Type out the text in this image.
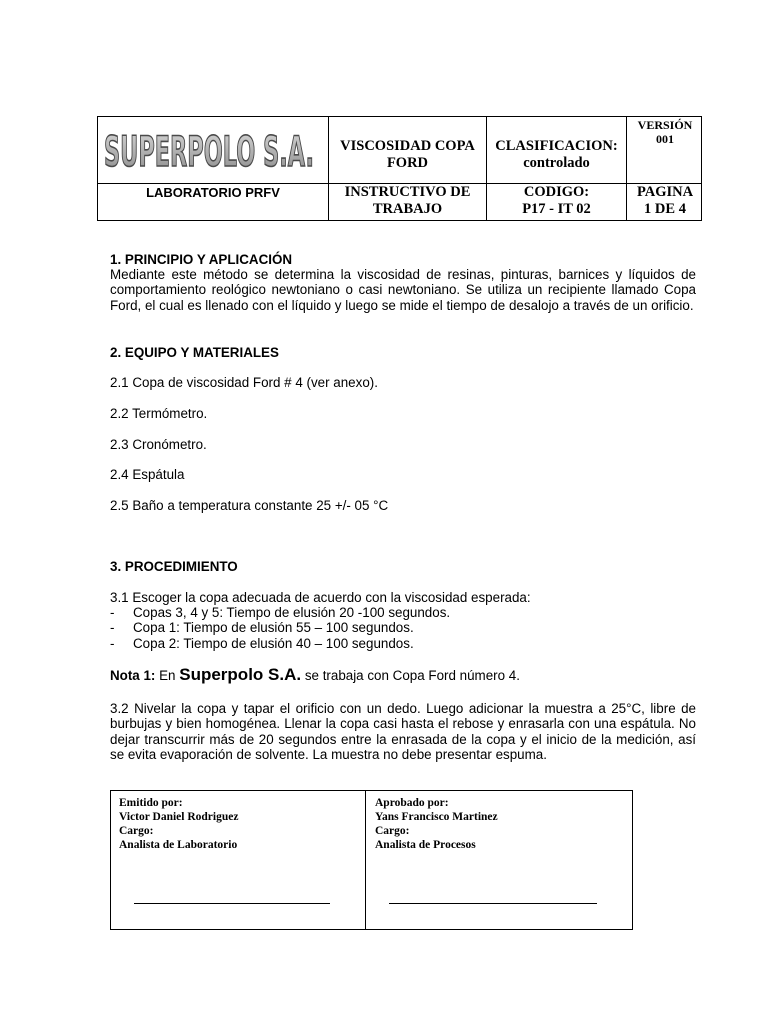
SUPERPOLO S.A.	VISCOSIDAD COPA
FORD
CLASIFICACION:
controlado
VERSIÓN
001
LABORATORIO PRFV	INSTRUCTIVO DE
TRABAJO
CODIGO:
P17 - IT 02
PAGINA
1 DE 4
1. PRINCIPIO Y APLICACIÓN
Mediante este método se determina la viscosidad de resinas, pinturas, barnices y líquidos de comportamiento reológico newtoniano o casi newtoniano. Se utiliza un recipiente llamado Copa Ford, el cual es llenado con el líquido y luego se mide el tiempo de desalojo a través de un orificio.
2. EQUIPO Y MATERIALES
2.1 Copa de viscosidad Ford # 4 (ver anexo).
2.2 Termómetro.
2.3 Cronómetro.
2.4 Espátula
2.5 Baño a temperatura constante 25 +/- 05 °C
3. PROCEDIMIENTO
3.1 Escoger la copa adecuada de acuerdo con la viscosidad esperada:
- Copas 3, 4 y 5: Tiempo de elusión 20 -100 segundos.
- Copa 1: Tiempo de elusión 55 – 100 segundos.
- Copa 2: Tiempo de elusión 40 – 100 segundos.
Nota 1: En Superpolo S.A. se trabaja con Copa Ford número 4.
3.2 Nivelar la copa y tapar el orificio con un dedo. Luego adicionar la muestra a 25°C, libre de burbujas y bien homogénea. Llenar la copa casi hasta el rebose y enrasarla con una espátula. No dejar transcurrir más de 20 segundos entre la enrasada de la copa y el inicio de la medición, así se evita evaporación de solvente. La muestra no debe presentar espuma.
Emitido por:
Victor Daniel Rodriguez
Cargo:
Analista de Laboratorio
Aprobado por:
Yans Francisco Martinez
Cargo:
Analista de Procesos
